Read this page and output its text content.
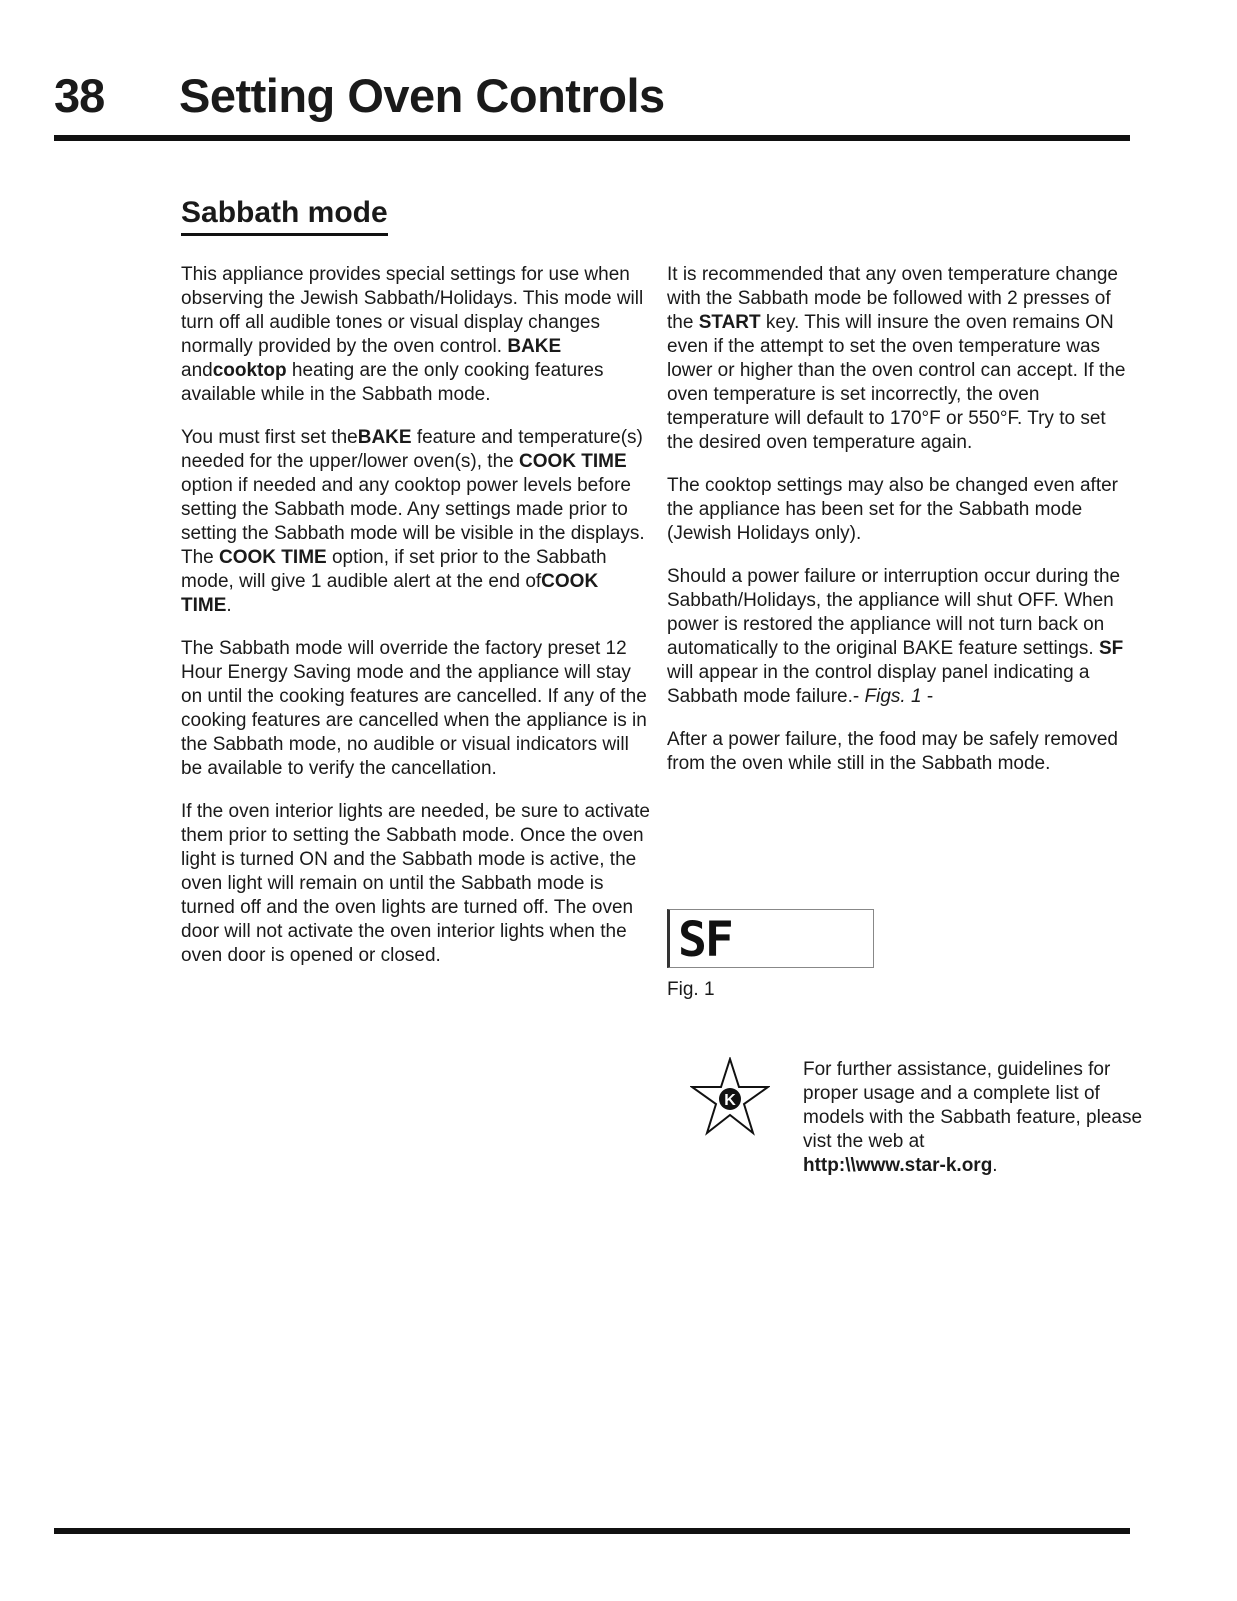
38 Setting Oven Controls
Sabbath mode

This appliance provides special settings for use when observing the Jewish Sabbath/Holidays. This mode will turn off all audible tones or visual display changes normally provided by the oven control. BAKE andcooktop heating are the only cooking features available while in the Sabbath mode.

You must first set theBAKE feature and temperature(s) needed for the upper/lower oven(s), the COOK TIME option if needed and any cooktop power levels before setting the Sabbath mode. Any settings made prior to setting the Sabbath mode will be visible in the displays. The COOK TIME option, if set prior to the Sabbath mode, will give 1 audible alert at the end ofCOOK TIME.

The Sabbath mode will override the factory preset 12 Hour Energy Saving mode and the appliance will stay on until the cooking features are cancelled. If any of the cooking features are cancelled when the appliance is in the Sabbath mode, no audible or visual indicators will be available to verify the cancellation.

If the oven interior lights are needed, be sure to activate them prior to setting the Sabbath mode. Once the oven light is turned ON and the Sabbath mode is active, the oven light will remain on until the Sabbath mode is turned off and the oven lights are turned off. The oven door will not activate the oven interior lights when the oven door is opened or closed.

It is recommended that any oven temperature change with the Sabbath mode be followed with 2 presses of the START key. This will insure the oven remains ON even if the attempt to set the oven temperature was lower or higher than the oven control can accept. If the oven temperature is set incorrectly, the oven temperature will default to 170°F or 550°F. Try to set the desired oven temperature again.

The cooktop settings may also be changed even after the appliance has been set for the Sabbath mode (Jewish Holidays only).

Should a power failure or interruption occur during the Sabbath/Holidays, the appliance will shut OFF. When power is restored the appliance will not turn back on automatically to the original BAKE feature settings. SF will appear in the control display panel indicating a Sabbath mode failure.- Figs. 1 -

After a power failure, the food may be safely removed from the oven while still in the Sabbath mode.

SF
Fig. 1
K
For further assistance, guidelines for proper usage and a complete list of models with the Sabbath feature, please vist the web at
http:\\www.star-k.org.
